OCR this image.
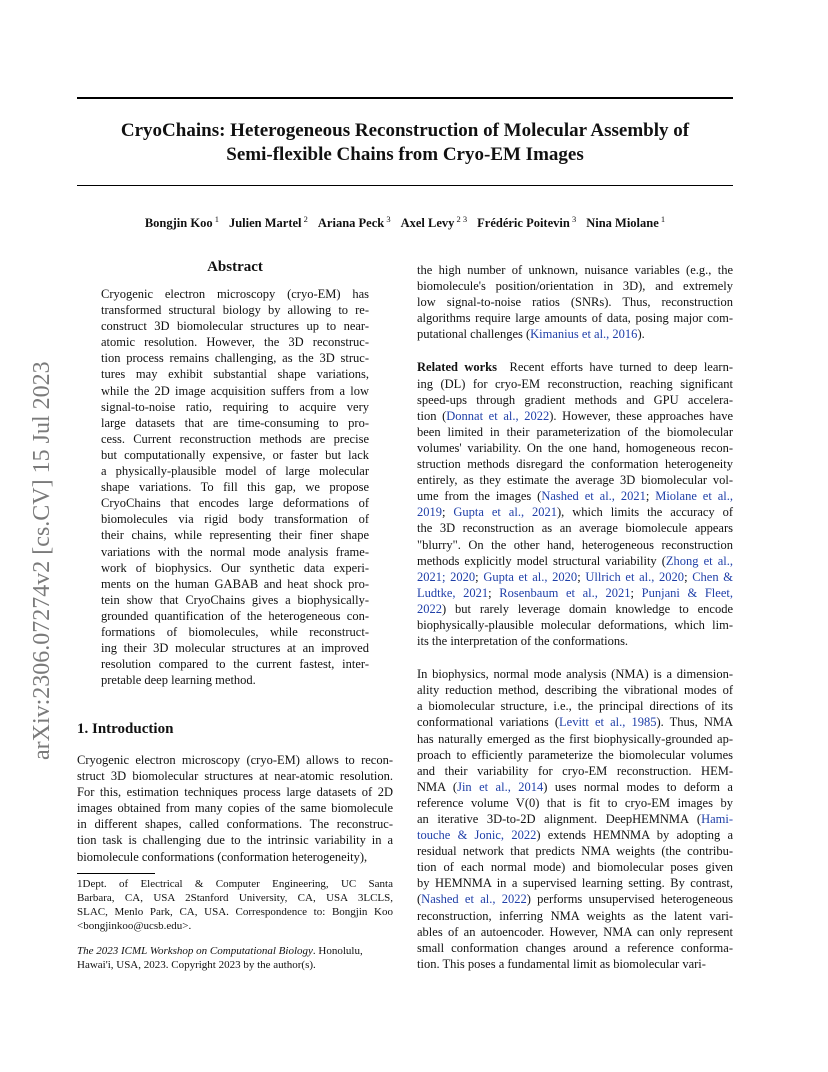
arXiv:2306.07274v2 [cs.CV] 15 Jul 2023
CryoChains: Heterogeneous Reconstruction of Molecular Assembly of
Semi-flexible Chains from Cryo-EM Images
Bongjin Koo $^1$ Julien Martel $^2$ Ariana Peck $^3$ Axel Levy $^{2 3}$ Frédéric Poitevin $^3$ Nina Miolane $^1$
Abstract
Cryogenic electron microscopy (cryo-EM) has
transformed structural biology by allowing to re-
construct 3D biomolecular structures up to near-
atomic resolution. However, the 3D reconstruc-
tion process remains challenging, as the 3D struc-
tures may exhibit substantial shape variations,
while the 2D image acquisition suffers from a low
signal-to-noise ratio, requiring to acquire very
large datasets that are time-consuming to pro-
cess. Current reconstruction methods are precise
but computationally expensive, or faster but lack
a physically-plausible model of large molecular
shape variations. To fill this gap, we propose
CryoChains that encodes large deformations of
biomolecules via rigid body transformation of
their chains, while representing their finer shape
variations with the normal mode analysis frame-
work of biophysics. Our synthetic data experi-
ments on the human GABAB and heat shock pro-
tein show that CryoChains gives a biophysically-
grounded quantification of the heterogeneous con-
formations of biomolecules, while reconstruct-
ing their 3D molecular structures at an improved
resolution compared to the current fastest, inter-
pretable deep learning method.
1. Introduction
Cryogenic electron microscopy (cryo-EM) allows to recon-
struct 3D biomolecular structures at near-atomic resolution.
For this, estimation techniques process large datasets of 2D
images obtained from many copies of the same biomolecule
in different shapes, called conformations. The reconstruc-
tion task is challenging due to the intrinsic variability in a
biomolecule conformations (conformation heterogeneity),
1Dept. of Electrical & Computer Engineering, UC Santa
Barbara, CA, USA 2Stanford University, CA, USA 3LCLS,
SLAC, Menlo Park, CA, USA. Correspondence to: Bongjin Koo
<bongjinkoo@ucsb.edu>.
The 2023 ICML Workshop on Computational Biology. Honolulu, Hawai'i, USA, 2023. Copyright 2023 by the author(s).
the high number of unknown, nuisance variables (e.g., the
biomolecule's position/orientation in 3D), and extremely
low signal-to-noise ratios (SNRs). Thus, reconstruction
algorithms require large amounts of data, posing major com-
putational challenges (Kimanius et al., 2016).
Related works Recent efforts have turned to deep learn-
ing (DL) for cryo-EM reconstruction, reaching significant
speed-ups through gradient methods and GPU accelera-
tion (Donnat et al., 2022). However, these approaches have
been limited in their parameterization of the biomolecular
volumes' variability. On the one hand, homogeneous recon-
struction methods disregard the conformation heterogeneity
entirely, as they estimate the average 3D biomolecular vol-
ume from the images (Nashed et al., 2021; Miolane et al.,
2019; Gupta et al., 2021), which limits the accuracy of
the 3D reconstruction as an average biomolecule appears
"blurry". On the other hand, heterogeneous reconstruction
methods explicitly model structural variability (Zhong et al.,
2021; 2020; Gupta et al., 2020; Ullrich et al., 2020; Chen &
Ludtke, 2021; Rosenbaum et al., 2021; Punjani & Fleet,
2022) but rarely leverage domain knowledge to encode
biophysically-plausible molecular deformations, which lim-
its the interpretation of the conformations.
In biophysics, normal mode analysis (NMA) is a dimension-
ality reduction method, describing the vibrational modes of
a biomolecular structure, i.e., the principal directions of its
conformational variations (Levitt et al., 1985). Thus, NMA
has naturally emerged as the first biophysically-grounded ap-
proach to efficiently parameterize the biomolecular volumes
and their variability for cryo-EM reconstruction. HEM-
NMA (Jin et al., 2014) uses normal modes to deform a
reference volume V(0) that is fit to cryo-EM images by
an iterative 3D-to-2D alignment. DeepHEMNMA (Hami-
touche & Jonic, 2022) extends HEMNMA by adopting a
residual network that predicts NMA weights (the contribu-
tion of each normal mode) and biomolecular poses given
by HEMNMA in a supervised learning setting. By contrast,
(Nashed et al., 2022) performs unsupervised heterogeneous
reconstruction, inferring NMA weights as the latent vari-
ables of an autoencoder. However, NMA can only represent
small conformation changes around a reference conforma-
tion. This poses a fundamental limit as biomolecular vari-
